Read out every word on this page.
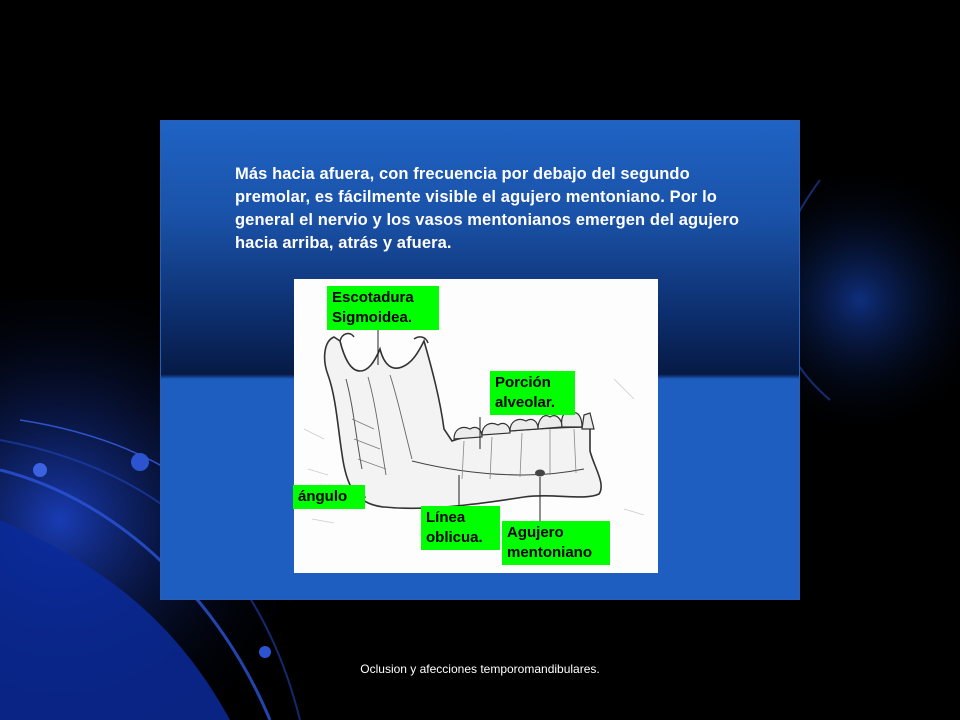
Más hacia afuera, con frecuencia por debajo del segundo premolar, es fácilmente visible el agujero mentoniano. Por lo general el nervio y los vasos mentonianos emergen del agujero hacia arriba, atrás y afuera.

Escotadura
Sigmoidea.
Porción
alveolar.
ángulo
Línea
oblicua.	Agujero
mentoniano
Oclusion y afecciones temporomandibulares.
